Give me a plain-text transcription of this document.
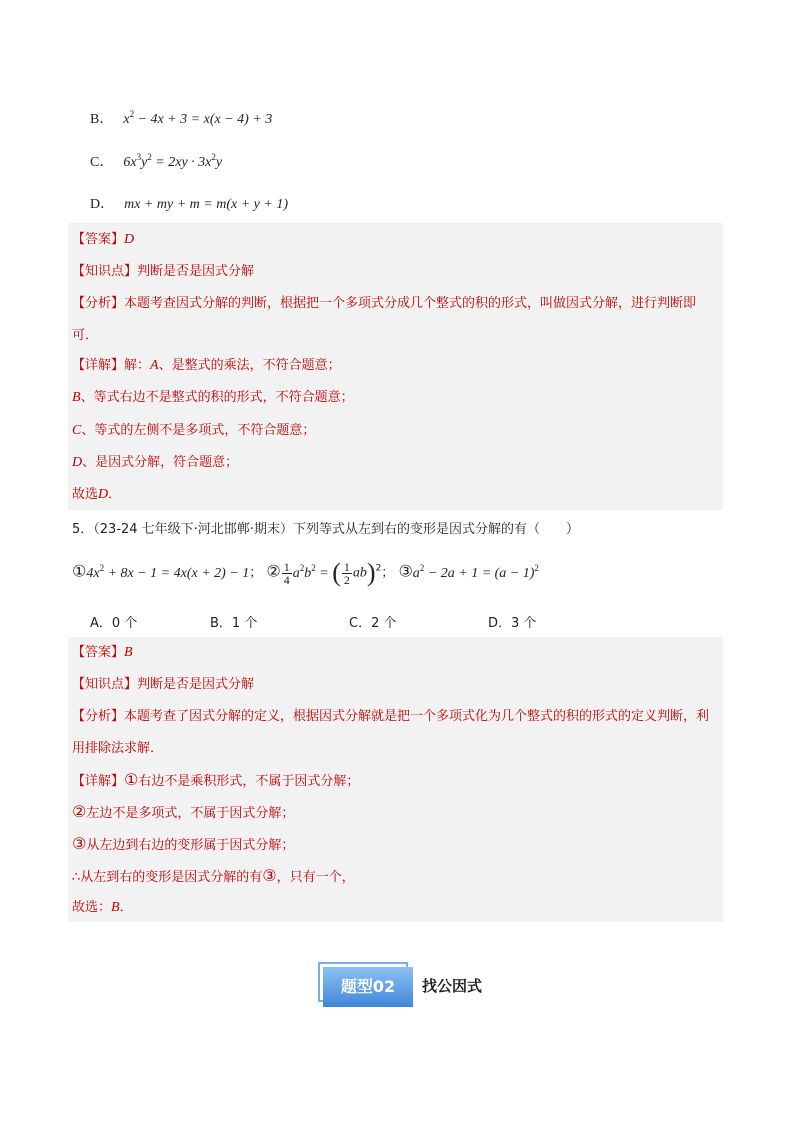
B． $x^2 - 4x + 3 = x(x - 4) + 3$
C． $6x^3y^2 = 2xy \cdot 3x^2y$
D． mx + my + m = m(x + y + 1)
【答案】D
【知识点】判断是否是因式分解
【分析】本题考查因式分解的判断，根据把一个多项式分成几个整式的积的形式，叫做因式分解，进行判断即可．
【详解】解：A、是整式的乘法，不符合题意；
B、等式右边不是整式的积的形式，不符合题意；
C、等式的左侧不是多项式，不符合题意；
D、是因式分解，符合题意；
故选D．
5．（23-24 七年级下·河北邯郸·期末）下列等式从左到右的变形是因式分解的有（　　）
$①4x^2 + 8x - 1 = 4x(x + 2) - 1$； ② $\frac{1}{4} a^2b^2$ = ( $\frac{1}{2} ab)^2$； $③a^2 - 2a + 1 = (a - 1)^2$
A．0 个	B．1 个	C．2 个	D．3 个
【答案】B
【知识点】判断是否是因式分解
【分析】本题考查了因式分解的定义，根据因式分解就是把一个多项式化为几个整式的积的形式的定义判断，利用排除法求解．
【详解】①右边不是乘积形式，不属于因式分解；
②左边不是多项式，不属于因式分解；
③从左边到右边的变形属于因式分解；
∴从左到右的变形是因式分解的有③，只有一个，
故选：B．
题型02	找公因式
